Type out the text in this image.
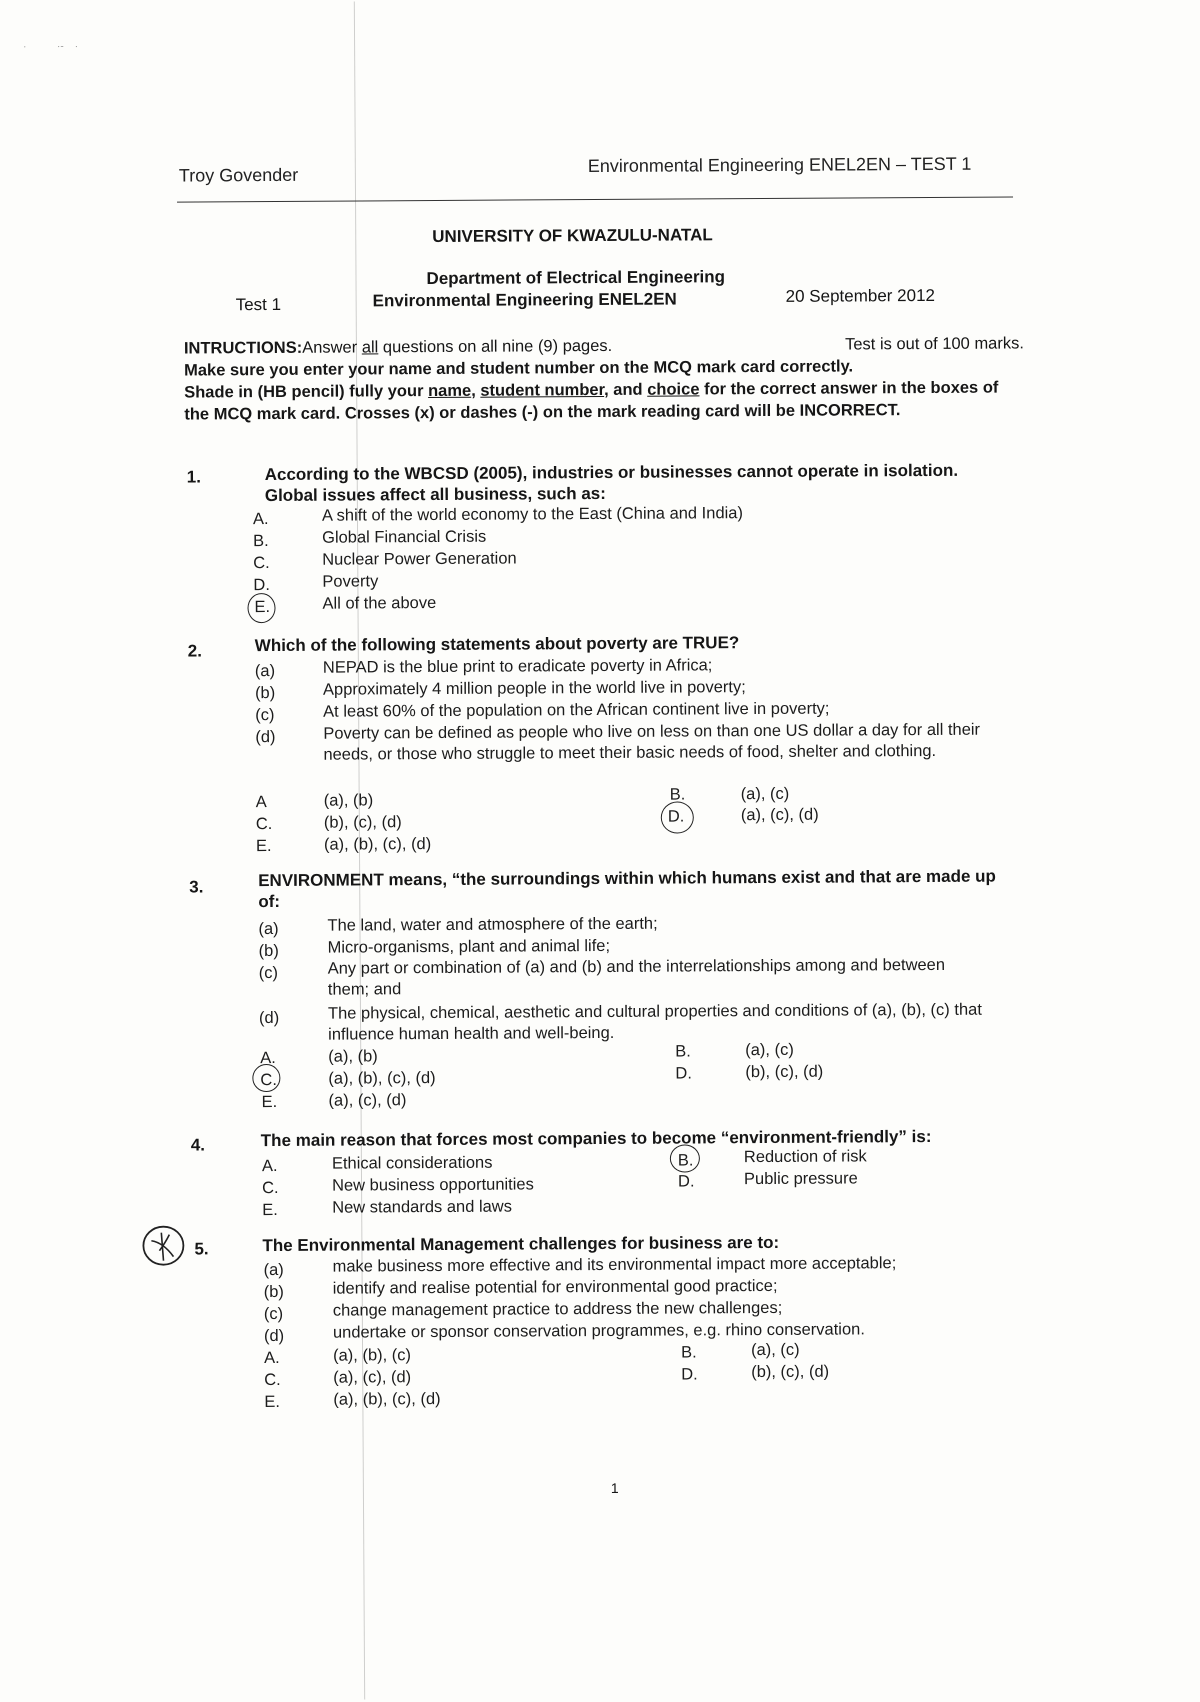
·           ·‐    ·
Troy Govender	Environmental Engineering ENEL2EN – TEST 1
UNIVERSITY OF KWAZULU-NATAL
Department of Electrical Engineering
Test 1	Environmental Engineering ENEL2EN	20 September 2012
Test is out of 100 marks.
INTRUCTIONS:Answer all questions on all nine (9) pages.
Make sure you enter your name and student number on the MCQ mark card correctly.
Shade in (HB pencil) fully your name, student number, and choice for the correct answer in the boxes of the MCQ mark card. Crosses (x) or dashes (-) on the mark reading card will be INCORRECT.
1.	According to the WBCSD (2005), industries or businesses cannot operate in isolation. Global issues affect all business, such as:
A.	A shift of the world economy to the East (China and India)
B.	Global Financial Crisis
C.	Nuclear Power Generation
D.	Poverty
E.	All of the above
2.	Which of the following statements about poverty are TRUE?
(a)	NEPAD is the blue print to eradicate poverty in Africa;
(b)	Approximately 4 million people in the world live in poverty;
(c)	At least 60% of the population on the African continent live in poverty;
(d)	Poverty can be defined as people who live on less on than one US dollar a day for all their needs, or those who struggle to meet their basic needs of food, shelter and clothing.
A	(a), (b)	B.	(a), (c)
C.	(b), (c), (d)	D.	(a), (c), (d)
E.	(a), (b), (c), (d)
3.	ENVIRONMENT means, “the surroundings within which humans exist and that are made up of:
(a)	The land, water and atmosphere of the earth;
(b)	Micro-organisms, plant and animal life;
(c)	Any part or combination of (a) and (b) and the interrelationships among and between them; and
(d)	The physical, chemical, aesthetic and cultural properties and conditions of (a), (b), (c) that influence human health and well-being.
A.	(a), (b)	B.	(a), (c)
C.	(a), (b), (c), (d)	D.	(b), (c), (d)
E.	(a), (c), (d)
4.	The main reason that forces most companies to become “environment-friendly” is:
A.	Ethical considerations	B.	Reduction of risk
C.	New business opportunities	D.	Public pressure
E.	New standards and laws
5.	The Environmental Management challenges for business are to:
(a)	make business more effective and its environmental impact more acceptable;
(b)	identify and realise potential for environmental good practice;
(c)	change management practice to address the new challenges;
(d)	undertake or sponsor conservation programmes, e.g. rhino conservation.
A.	(a), (b), (c)	B.	(a), (c)
C.	(a), (c), (d)	D.	(b), (c), (d)
E.	(a), (b), (c), (d)
1
